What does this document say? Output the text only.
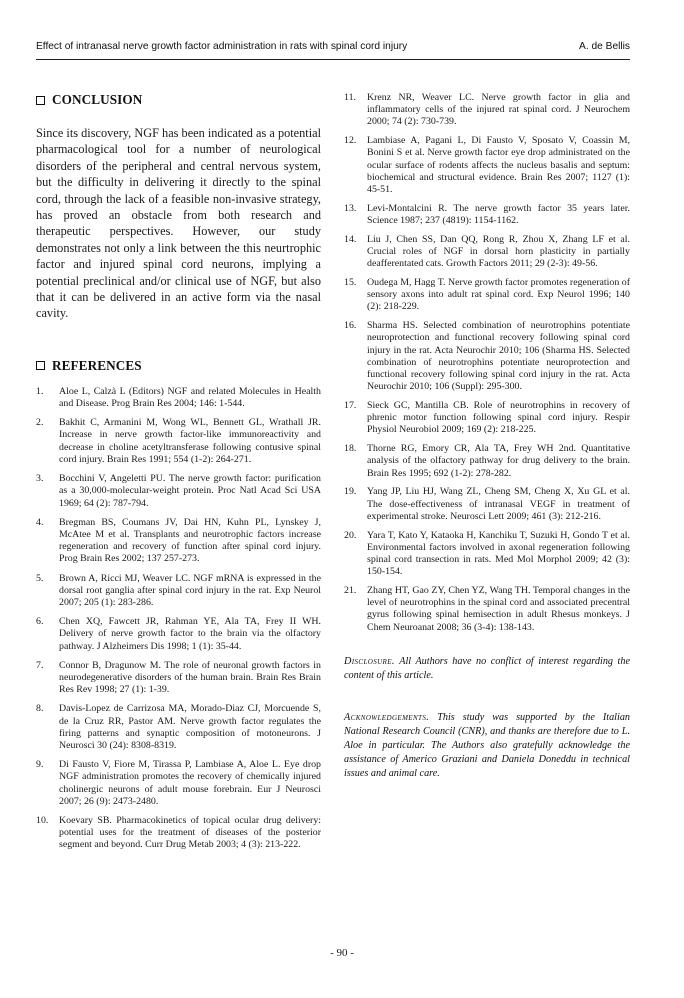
Effect of intranasal nerve growth factor administration in rats with spinal cord injury	A. de Bellis
CONCLUSION
Since its discovery, NGF has been indicated as a potential pharmacological tool for a number of neurological disorders of the peripheral and central nervous system, but the difficulty in delivering it directly to the spinal cord, through the lack of a feasible non-invasive strategy, has proved an obstacle from both research and therapeutic perspectives. However, our study demonstrates not only a link between the this neurtrophic factor and injured spinal cord neurons, implying a potential preclinical and/or clinical use of NGF, but also that it can be delivered in an active form via the nasal cavity.
REFERENCES
1.	Aloe L, Calzà L (Editors) NGF and related Molecules in Health and Disease. Prog Brain Res 2004; 146: 1-544.
2.	Bakhit C, Armanini M, Wong WL, Bennett GL, Wrathall JR. Increase in nerve growth factor-like immunoreactivity and decrease in choline acetyltransferase following contusive spinal cord injury. Brain Res 1991; 554 (1-2): 264-271.
3.	Bocchini V, Angeletti PU. The nerve growth factor: purification as a 30,000-molecular-weight protein. Proc Natl Acad Sci USA 1969; 64 (2): 787-794.
4.	Bregman BS, Coumans JV, Dai HN, Kuhn PL, Lynskey J, McAtee M et al. Transplants and neurotrophic factors increase regeneration and recovery of function after spinal cord injury. Prog Brain Res 2002; 137 257-273.
5.	Brown A, Ricci MJ, Weaver LC. NGF mRNA is expressed in the dorsal root ganglia after spinal cord injury in the rat. Exp Neurol 2007; 205 (1): 283-286.
6.	Chen XQ, Fawcett JR, Rahman YE, Ala TA, Frey II WH. Delivery of nerve growth factor to the brain via the olfactory pathway. J Alzheimers Dis 1998; 1 (1): 35-44.
7.	Connor B, Dragunow M. The role of neuronal growth factors in neurodegenerative disorders of the human brain. Brain Res Brain Res Rev 1998; 27 (1): 1-39.
8.	Davis-Lopez de Carrizosa MA, Morado-Diaz CJ, Morcuende S, de la Cruz RR, Pastor AM. Nerve growth factor regulates the firing patterns and synaptic composition of motoneurons. J Neurosci 30 (24): 8308-8319.
9.	Di Fausto V, Fiore M, Tirassa P, Lambiase A, Aloe L. Eye drop NGF administration promotes the recovery of chemically injured cholinergic neurons of adult mouse forebrain. Eur J Neurosci 2007; 26 (9): 2473-2480.
10.	Koevary SB. Pharmacokinetics of topical ocular drug delivery: potential uses for the treatment of diseases of the posterior segment and beyond. Curr Drug Metab 2003; 4 (3): 213-222.
11.	Krenz NR, Weaver LC. Nerve growth factor in glia and inflammatory cells of the injured rat spinal cord. J Neurochem 2000; 74 (2): 730-739.
12.	Lambiase A, Pagani L, Di Fausto V, Sposato V, Coassin M, Bonini S et al. Nerve growth factor eye drop administrated on the ocular surface of rodents affects the nucleus basalis and septum: biochemical and structural evidence. Brain Res 2007; 1127 (1): 45-51.
13.	Levi-Montalcini R. The nerve growth factor 35 years later. Science 1987; 237 (4819): 1154-1162.
14.	Liu J, Chen SS, Dan QQ, Rong R, Zhou X, Zhang LF et al. Crucial roles of NGF in dorsal horn plasticity in partially deafferentated cats. Growth Factors 2011; 29 (2-3): 49-56.
15.	Oudega M, Hagg T. Nerve growth factor promotes regeneration of sensory axons into adult rat spinal cord. Exp Neurol 1996; 140 (2): 218-229.
16.	Sharma HS. Selected combination of neurotrophins potentiate neuroprotection and functional recovery following spinal cord injury in the rat. Acta Neurochir 2010; 106 (Sharma HS. Selected combination of neurotrophins potentiate neuroprotection and functional recovery following spinal cord injury in the rat. Acta Neurochir 2010; 106 (Suppl): 295-300.
17.	Sieck GC, Mantilla CB. Role of neurotrophins in recovery of phrenic motor function following spinal cord injury. Respir Physiol Neurobiol 2009; 169 (2): 218-225.
18.	Thorne RG, Emory CR, Ala TA, Frey WH 2nd. Quantitative analysis of the olfactory pathway for drug delivery to the brain. Brain Res 1995; 692 (1-2): 278-282.
19.	Yang JP, Liu HJ, Wang ZL, Cheng SM, Cheng X, Xu GL et al. The dose-effectiveness of intranasal VEGF in treatment of experimental stroke. Neurosci Lett 2009; 461 (3): 212-216.
20.	Yara T, Kato Y, Kataoka H, Kanchiku T, Suzuki H, Gondo T et al. Environmental factors involved in axonal regeneration following spinal cord transection in rats. Med Mol Morphol 2009; 42 (3): 150-154.
21.	Zhang HT, Gao ZY, Chen YZ, Wang TH. Temporal changes in the level of neurotrophins in the spinal cord and associated precentral gyrus following spinal hemisection in adult Rhesus monkeys. J Chem Neuroanat 2008; 36 (3-4): 138-143.
Disclosure. All Authors have no conflict of interest regarding the content of this article.
Acknowledgements. This study was supported by the Italian National Research Council (CNR), and thanks are therefore due to L. Aloe in particular. The Authors also gratefully acknowledge the assistance of Americo Graziani and Daniela Doneddu in technical issues and animal care.
- 90 -
